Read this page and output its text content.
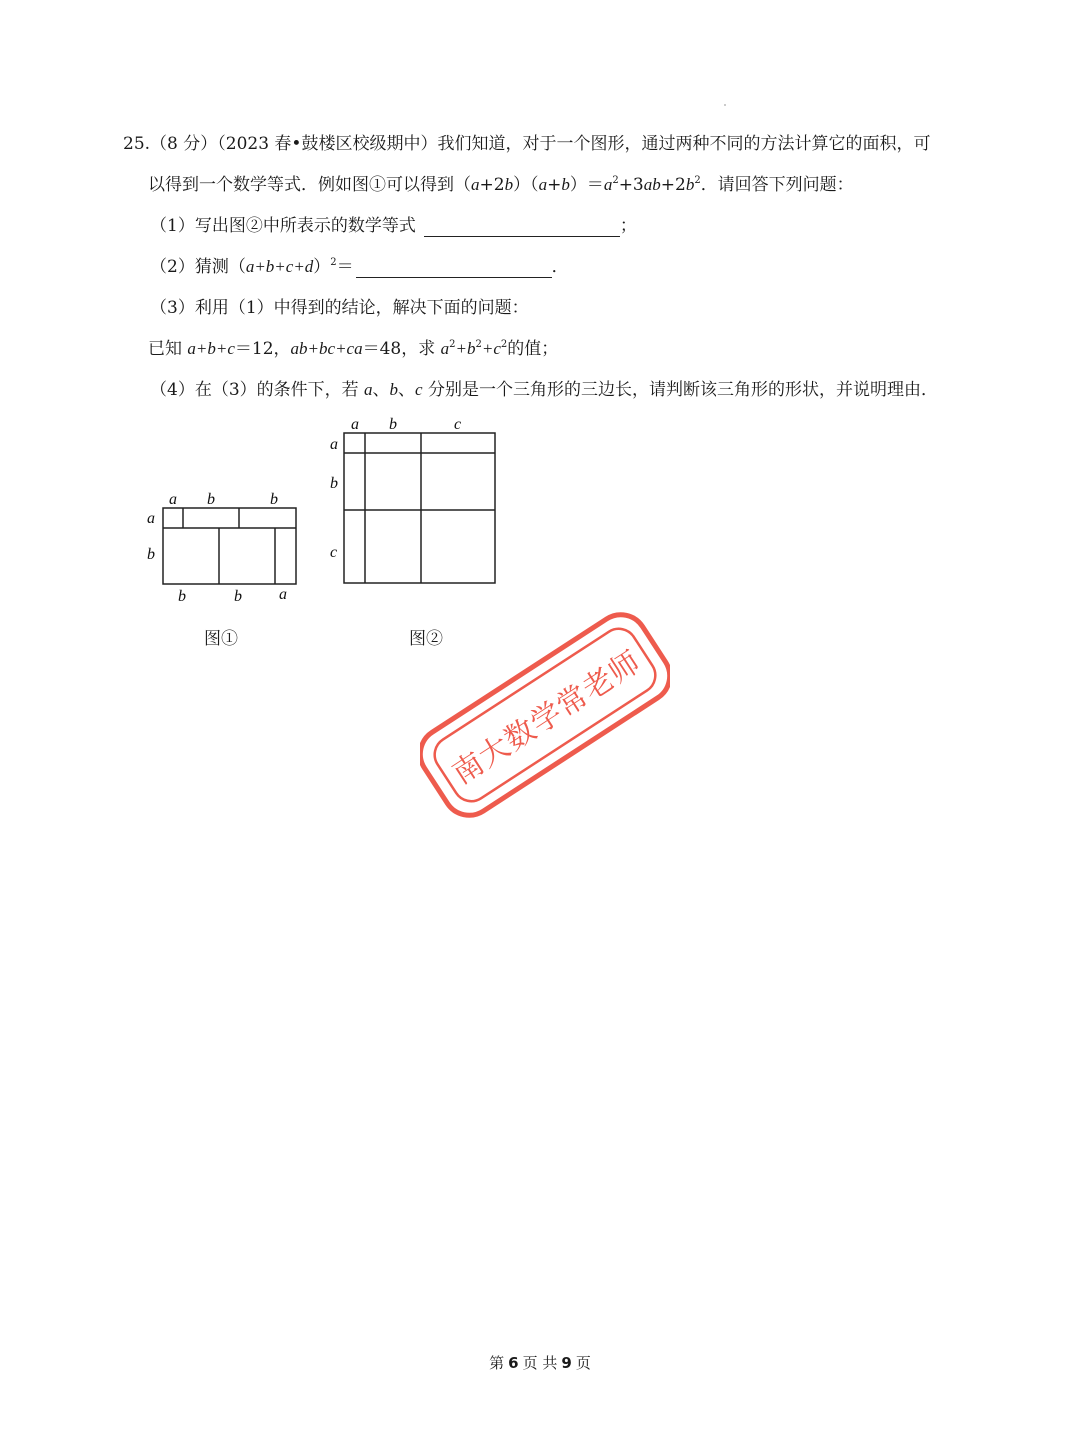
25.（8 分）（2023 春•鼓楼区校级期中）我们知道，对于一个图形，通过两种不同的方法计算它的面积，可
以得到一个数学等式．例如图①可以得到$(a+2b)(a+b)=a^2+3ab+2b^2$．请回答下列问题：
（1）写出图②中所表示的数学等式	；
（2）猜测$(a+b+c+d)^2=$	．
（3）利用（1）中得到的结论，解决下面的问题：
已知 a+b+c＝12，ab+bc+ca＝48，求 $a^2+b^2+c^2$的值；
（4）在（3）的条件下，若 a、b、c 分别是一个三角形的三边长，请判断该三角形的形状，并说明理由．
a b	b
a
b
b	b a
图①
a b	c
a
b
c
图②
南大数学常老师
第 6 页 共 9 页
